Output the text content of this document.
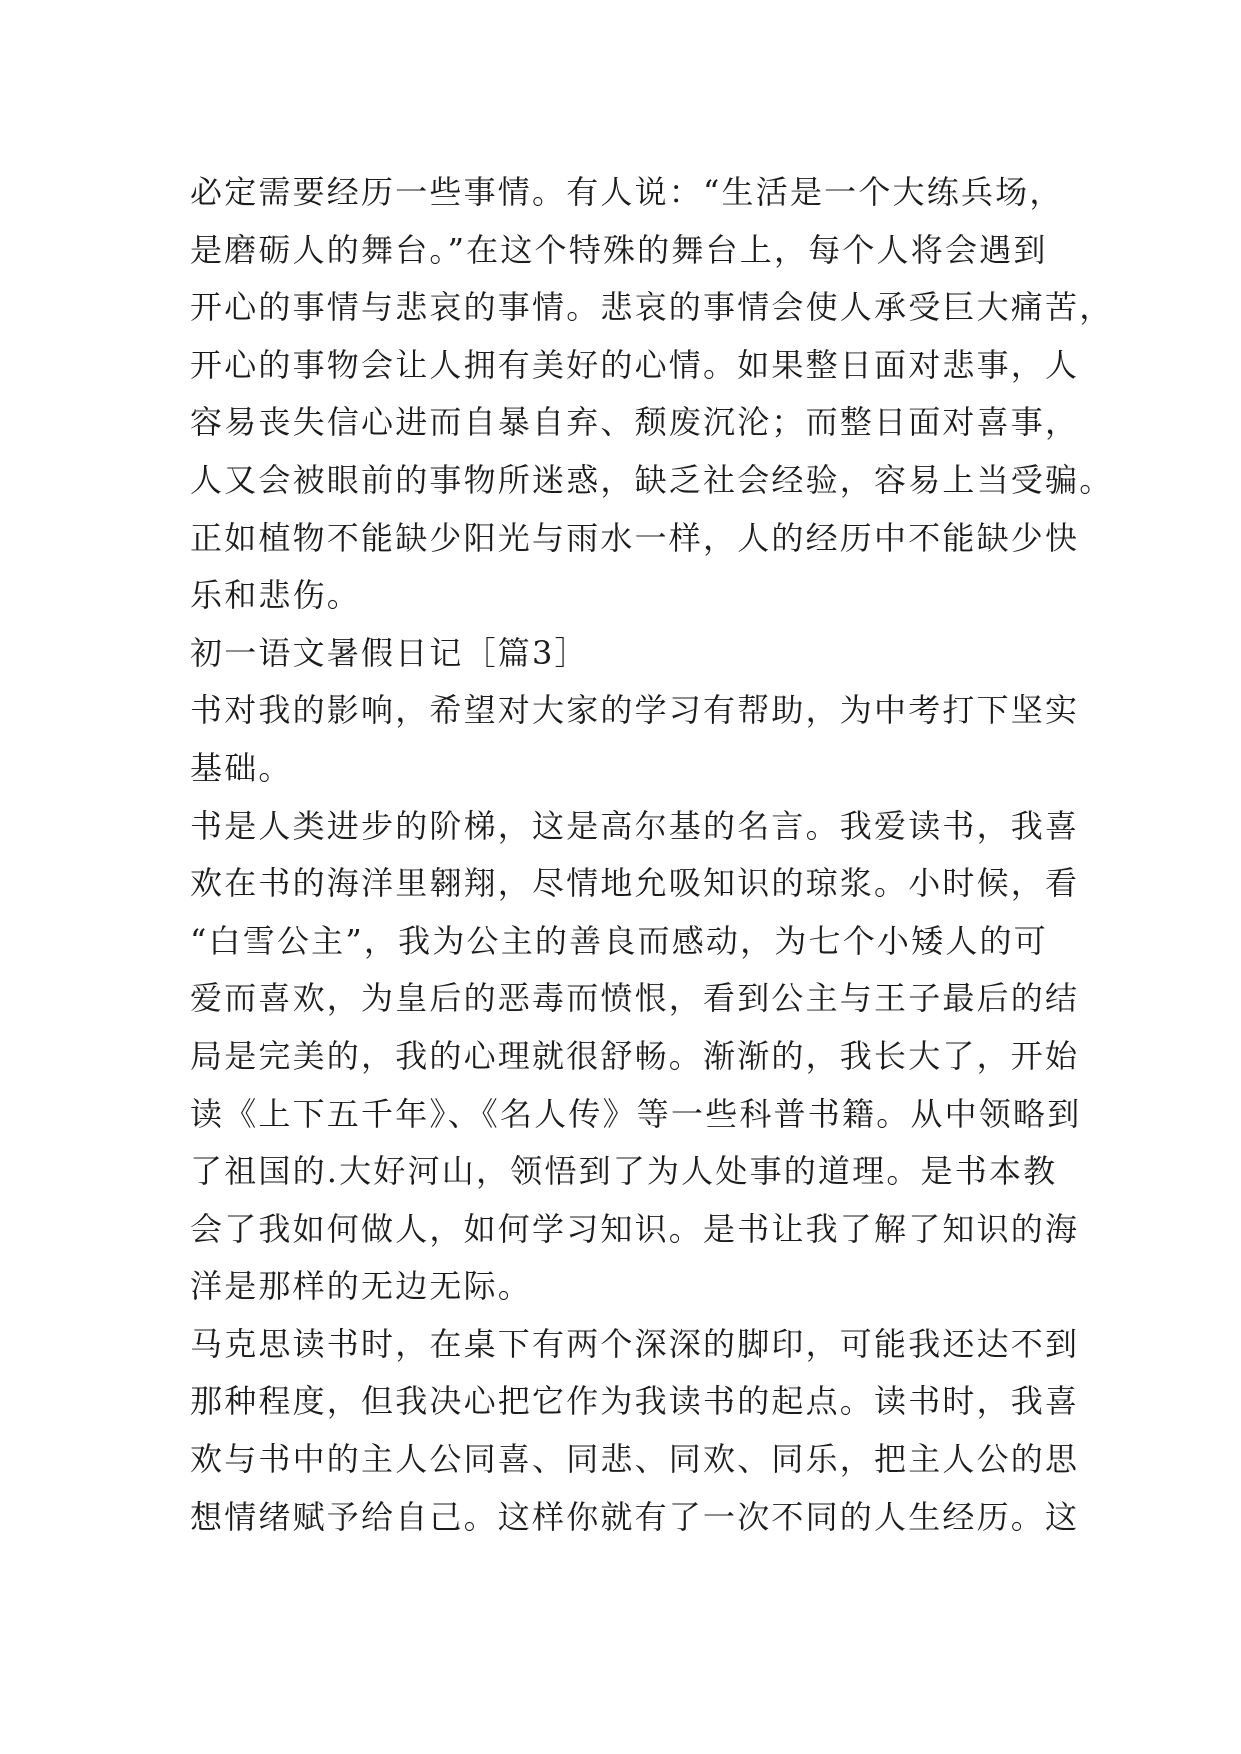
必定需要经历一些事情。有人说：“生活是一个大练兵场，
是磨砺人的舞台。”在这个特殊的舞台上，每个人将会遇到
开心的事情与悲哀的事情。悲哀的事情会使人承受巨大痛苦，
开心的事物会让人拥有美好的心情。如果整日面对悲事，人
容易丧失信心进而自暴自弃、颓废沉沦；而整日面对喜事，
人又会被眼前的事物所迷惑，缺乏社会经验，容易上当受骗。
正如植物不能缺少阳光与雨水一样，人的经历中不能缺少快
乐和悲伤。
初一语文暑假日记［篇3］
书对我的影响，希望对大家的学习有帮助，为中考打下坚实
基础。
书是人类进步的阶梯，这是高尔基的名言。我爱读书，我喜
欢在书的海洋里翱翔，尽情地允吸知识的琼浆。小时候，看
“白雪公主”，我为公主的善良而感动，为七个小矮人的可
爱而喜欢，为皇后的恶毒而愤恨，看到公主与王子最后的结
局是完美的，我的心理就很舒畅。渐渐的，我长大了，开始
读《上下五千年》、《名人传》等一些科普书籍。从中领略到
了祖国的.大好河山，领悟到了为人处事的道理。是书本教
会了我如何做人，如何学习知识。是书让我了解了知识的海
洋是那样的无边无际。
马克思读书时，在桌下有两个深深的脚印，可能我还达不到
那种程度，但我决心把它作为我读书的起点。读书时，我喜
欢与书中的主人公同喜、同悲、同欢、同乐，把主人公的思
想情绪赋予给自己。这样你就有了一次不同的人生经历。这
